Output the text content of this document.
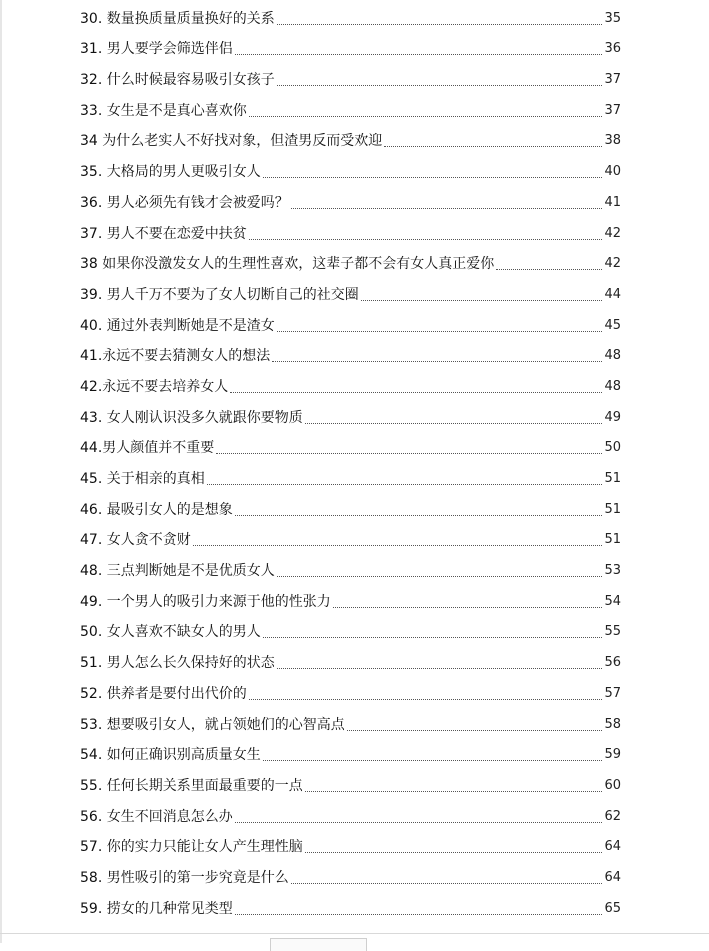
30. 数量换质量质量换好的关系	35
31. 男人要学会筛选伴侣	36
32. 什么时候最容易吸引女孩子	37
33. 女生是不是真心喜欢你	37
34 为什么老实人不好找对象，但渣男反而受欢迎	38
35. 大格局的男人更吸引女人	40
36. 男人必须先有钱才会被爱吗？	41
37. 男人不要在恋爱中扶贫	42
38 如果你没激发女人的生理性喜欢，这辈子都不会有女人真正爱你	42
39. 男人千万不要为了女人切断自己的社交圈	44
40. 通过外表判断她是不是渣女	45
41.永远不要去猜测女人的想法	48
42.永远不要去培养女人	48
43. 女人刚认识没多久就跟你要物质	49
44.男人颜值并不重要	50
45. 关于相亲的真相	51
46. 最吸引女人的是想象	51
47. 女人贪不贪财	51
48. 三点判断她是不是优质女人	53
49. 一个男人的吸引力来源于他的性张力	54
50. 女人喜欢不缺女人的男人	55
51. 男人怎么长久保持好的状态	56
52. 供养者是要付出代价的	57
53. 想要吸引女人，就占领她们的心智高点	58
54. 如何正确识别高质量女生	59
55. 任何长期关系里面最重要的一点	60
56. 女生不回消息怎么办	62
57. 你的实力只能让女人产生理性脑	64
58. 男性吸引的第一步究竟是什么	64
59. 捞女的几种常见类型	65
